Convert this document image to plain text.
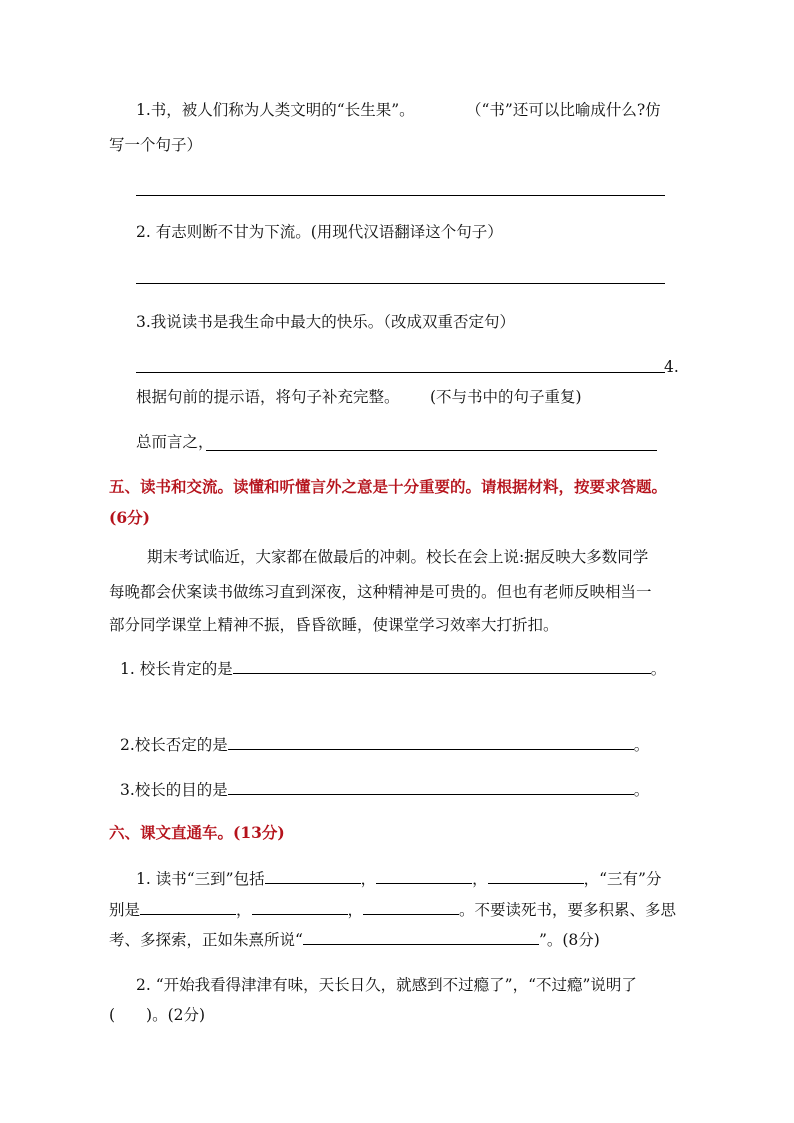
1.书，被人们称为人类文明的“长生果”。	（“书”还可以比喻成什么?仿
写一个句子）
2. 有志则断不甘为下流。(用现代汉语翻译这个句子）
3.我说读书是我生命中最大的快乐。（改成双重否定句）
4.
根据句前的提示语，将句子补充完整。 (不与书中的句子重复)
总而言之，
五、读书和交流。读懂和听懂言外之意是十分重要的。请根据材料，按要求答题。
(6分)
期末考试临近，大家都在做最后的冲刺。校长在会上说:据反映大多数同学
每晚都会伏案读书做练习直到深夜，这种精神是可贵的。但也有老师反映相当一
部分同学课堂上精神不振，昏昏欲睡，使课堂学习效率大打折扣。
1. 校长肯定的是	。
2.校长否定的是	。
3.校长的目的是	。
六、课文直通车。(13分)
1. 读书“三到”包括	，	，	，“三有”分
别是	，	，	。不要读死书，要多积累、多思
考、多探索，正如朱熹所说“	”。(8分)
2. “开始我看得津津有味，天长日久，就感到不过瘾了”，“不过瘾”说明了
(　　)。(2分)
